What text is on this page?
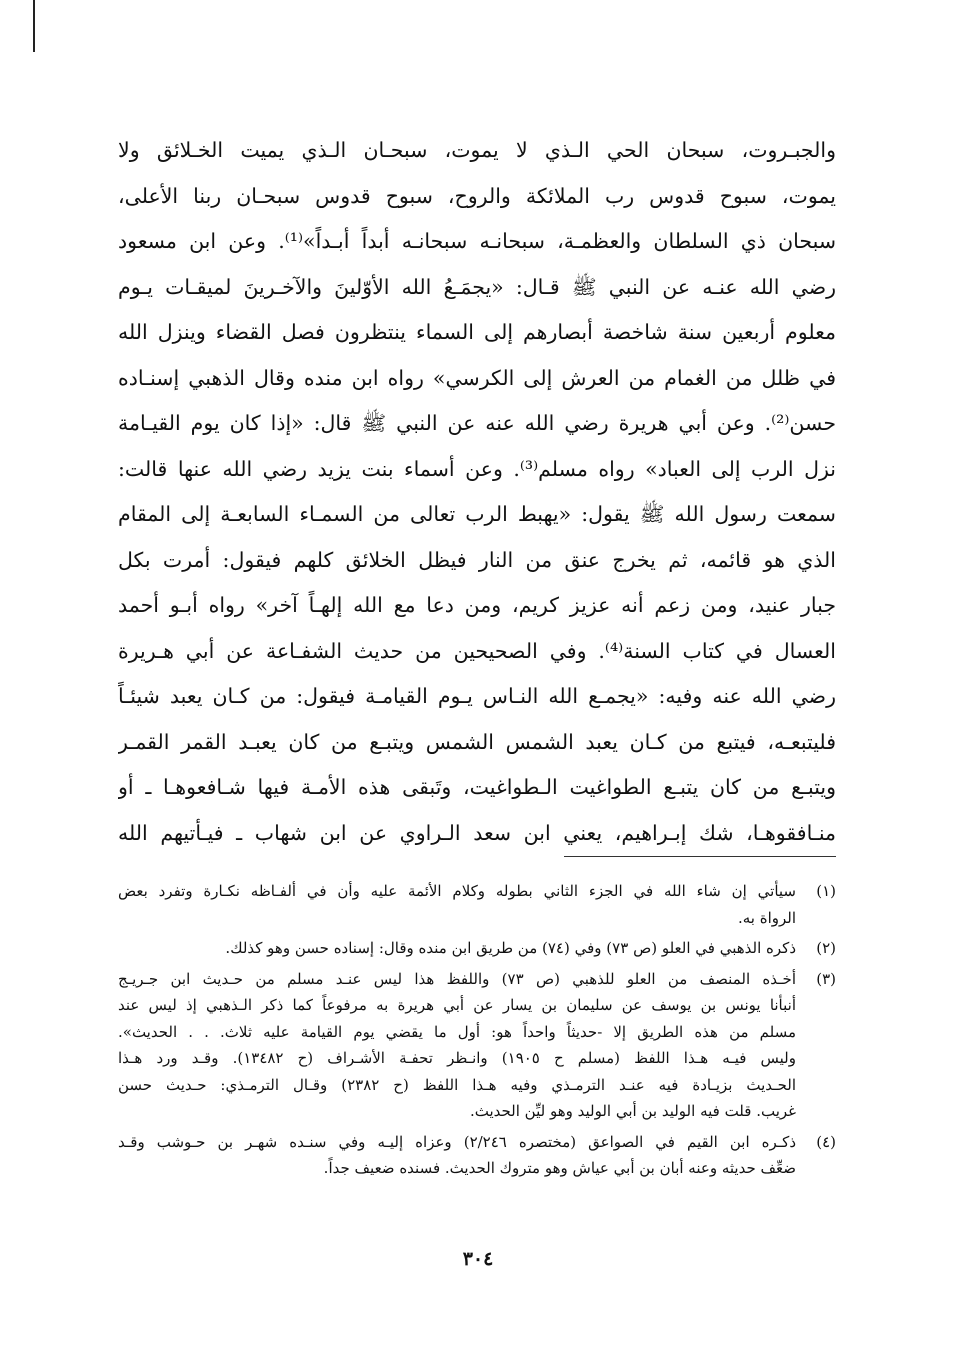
والجبـروت، سبحان الحي الـذي لا يموت، سبحـان الـذي يميت الخـلائق ولا
يموت، سبوح قدوس رب الملائكة والروح، سبوح قدوس سبحـان ربنا الأعلى،
سبحان ذي السلطان والعظمـة، سبحانـه سبحانـه أبداً أبـداً»⁽¹⁾. وعن ابن مسعود
رضي الله عنـه عن النبي ﷺ قـال: «يجمَـعُ الله الأوّلينَ والآخـرينَ لميقـات يـوم
معلوم أربعين سنة شاخصة أبصارهم إلى السماء ينتظرون فصل القضاء وينزل الله
في ظلل من الغمام من العرش إلى الكرسي» رواه ابن منده وقال الذهبي إسنـاده
حسن⁽²⁾. وعن أبي هريرة رضي الله عنه عن النبي ﷺ قال: «إذا كان يوم القيـامة
نزل الرب إلى العباد» رواه مسلم⁽³⁾. وعن أسماء بنت يزيد رضي الله عنها قالت:
سمعت رسول الله ﷺ يقول: «يهبط الرب تعالى من السمـاء السابعـة إلى المقام
الذي هو قائمه، ثم يخرج عنق من النار فيظل الخلائق كلهم فيقول: أمرت بكل
جبار عنيد، ومن زعم أنه عزيز كريم، ومن دعا مع الله إلهـاً آخر» رواه أبـو أحمد
العسال في كتاب السنة⁽⁴⁾. وفي الصحيحين من حديث الشفـاعة عن أبي هـريرة
رضي الله عنه وفيه: «يجمـع الله النـاس يـوم القيامـة فيقول: من كـان يعبد شيئـاً
فليتبعـه، فيتبع من كـان يعبد الشمس الشمس ويتبـع من كان يعبـد القمر القمـر
ويتبـع من كان يتبـع الطواغيت الـطواغيت، وتَبقى هذه الأمـة فيها شـافعوهـا ـ أو
منـافقوهـا، شك إبـراهيم، يعني ابن سعد الـراوي عن ابن شهاب ـ فيـأتيهم الله
(١)
سيأتي إن شاء الله في الجزء الثاني بطوله وكلام الأئمة عليه وأن في ألفـاظه نكـارة وتفرد بعض
الرواة به.
(٢)
ذكره الذهبي في العلو (ص ٧٣) وفي (٧٤) من طريق ابن منده وقال: إسناده حسن وهو كذلك.
(٣)
أخـذه المنصف من العلو للذهبي (ص ٧٣) واللفظ هذا ليس عنـد مسلم من حـديث ابن جـريـج
أنبأنا يونس بن يوسف عن سليمان بن يسار عن أبي هريرة به مرفوعاً كما ذكر الـذهبي إذ ليس عند
مسلم من هذه الطريق إلا -حديثاً واحداً هو: أول ما يقضي يوم القيامة عليه ثلاث. . . الحديث».
وليس فيـه هـذا اللفظ (مسلم ح ١٩٠٥) وانـظر تحفـة الأشـراف (ح ١٣٤٨٢). وقـد ورد هـذا
الحـديث بزيـادة فيه عنـد الترمـذي وفيه هـذا اللفظ (ح ٢٣٨٢) وقـال الترمـذي: حـديث حسن
غريب. قلت فيه الوليد بن أبي الوليد وهو ليِّن الحديث.
(٤)
ذكـره ابن القيم في الصواعق (مختصره ٢/٢٤٦) وعزاه إليـه وفي سنـده شهـر بن حـوشب وقـد
ضعِّف حديثه وعنه أبان بن أبي عياش وهو متروك الحديث. فسنده ضعيف جداً.
٣٠٤
